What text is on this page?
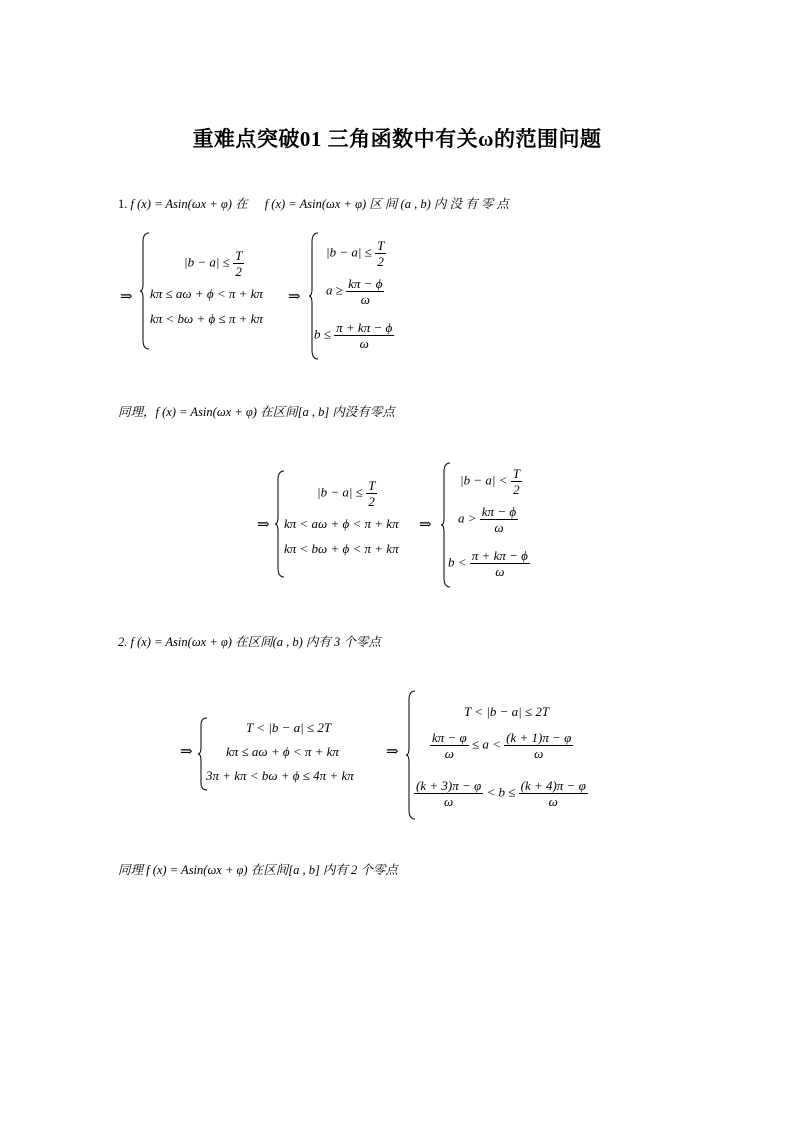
重难点突破01 三角函数中有关ω的范围问题
1. f (x) = Asin(ωx + φ) 在 f (x) = Asin(ωx + φ) 区 间 (a , b) 内 没 有 零 点
⇒
$|b - a| \le \frac{T}{2}$
kπ ≤ aω + ϕ < π + kπ
kπ < bω + ϕ ≤ π + kπ
⇒
$|b - a| \le \frac{T}{2}$
$a \ge \frac{k\pi - \phi}{\omega}$
$b \le \frac{\pi + k\pi - \phi}{\omega}$
同理，f (x) = Asin(ωx + φ) 在区间[a , b] 内没有零点
⇒
$|b - a| \le \frac{T}{2}$
kπ < aω + ϕ < π + kπ
kπ < bω + ϕ < π + kπ
⇒
$|b - a| < \frac{T}{2}$
$a > \frac{k\pi - \phi}{\omega}$
$b < \frac{\pi + k\pi - \phi}{\omega}$
2. f (x) = Asin(ωx + φ) 在区间(a , b) 内有 3 个零点
⇒
T < |b − a| ≤ 2T
kπ ≤ aω + ϕ < π + kπ
3π + kπ < bω + ϕ ≤ 4π + kπ
⇒
T < |b − a| ≤ 2T
$\frac{k\pi - \varphi}{\omega} \le a < \frac{(k + 1)\pi - \varphi}{\omega}$
$\frac{(k + 3)\pi - \varphi}{\omega} < b \le \frac{(k + 4)\pi - \varphi}{\omega}$
同理 f (x) = Asin(ωx + φ) 在区间[a , b] 内有 2 个零点
